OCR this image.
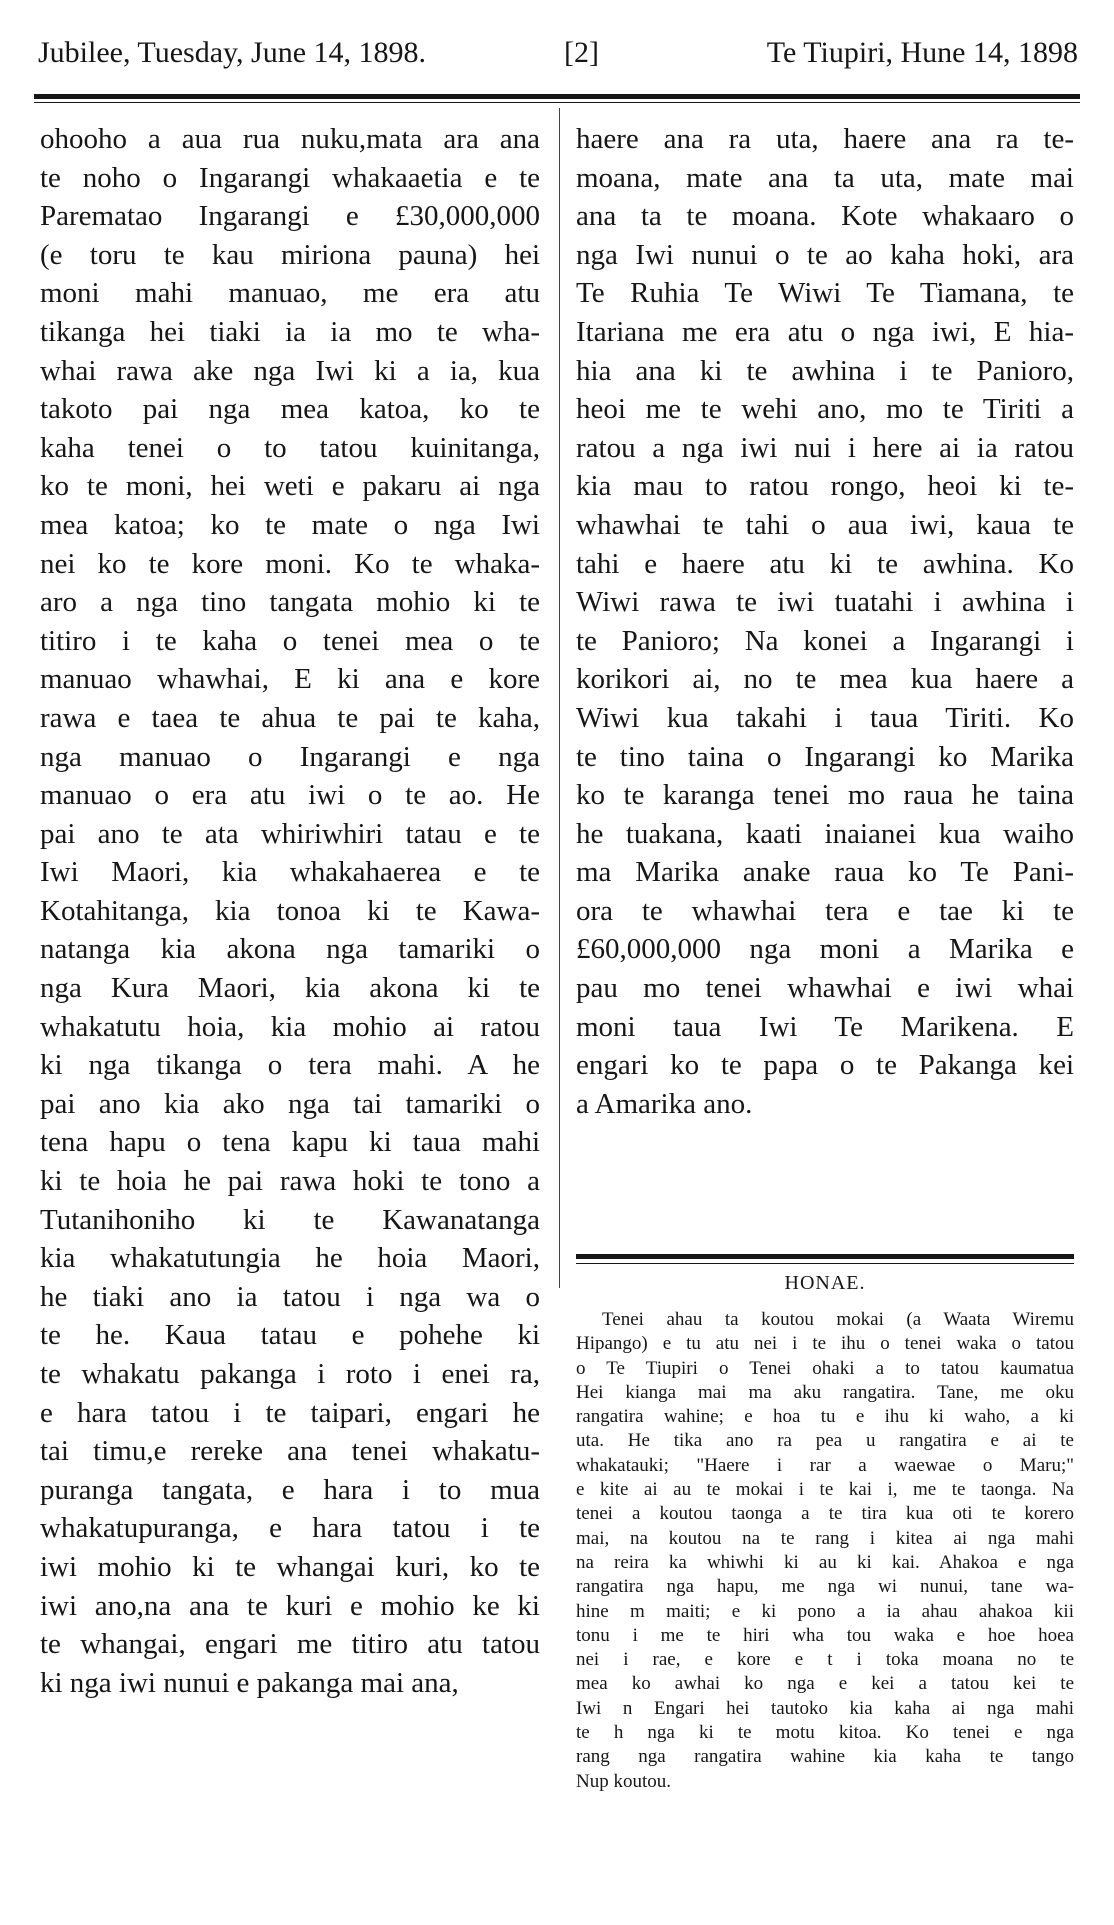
Jubilee, Tuesday, June 14, 1898.	[2]	Te Tiupiri, Hune 14, 1898

ohooho a aua rua nuku,mata ara ana
te noho o Ingarangi whakaaetia e te
Parematao Ingarangi e £30,000,000
(e toru te kau miriona pauna) hei
moni mahi manuao, me era atu
tikanga hei tiaki ia ia mo te wha-
whai rawa ake nga Iwi ki a ia, kua
takoto pai nga mea katoa, ko te
kaha tenei o to tatou kuinitanga,
ko te moni, hei weti e pakaru ai nga
mea katoa; ko te mate o nga Iwi
nei ko te kore moni. Ko te whaka-
aro a nga tino tangata mohio ki te
titiro i te kaha o tenei mea o te
manuao whawhai, E ki ana e kore
rawa e taea te ahua te pai te kaha,
nga manuao o Ingarangi e nga
manuao o era atu iwi o te ao. He
pai ano te ata whiriwhiri tatau e te
Iwi Maori, kia whakahaerea e te
Kotahitanga, kia tonoa ki te Kawa-
natanga kia akona nga tamariki o
nga Kura Maori, kia akona ki te
whakatutu hoia, kia mohio ai ratou
ki nga tikanga o tera mahi. A he
pai ano kia ako nga tai tamariki o
tena hapu o tena kapu ki taua mahi
ki te hoia he pai rawa hoki te tono a
Tutanihoniho ki te Kawanatanga
kia whakatutungia he hoia Maori,
he tiaki ano ia tatou i nga wa o
te he. Kaua tatau e pohehe ki
te whakatu pakanga i roto i enei ra,
e hara tatou i te taipari, engari he
tai timu,e rereke ana tenei whakatu-
puranga tangata, e hara i to mua
whakatupuranga, e hara tatou i te
iwi mohio ki te whangai kuri, ko te
iwi ano,na ana te kuri e mohio ke ki
te whangai, engari me titiro atu tatou
ki nga iwi nunui e pakanga mai ana,

haere ana ra uta, haere ana ra te-
moana, mate ana ta uta, mate mai
ana ta te moana. Kote whakaaro o
nga Iwi nunui o te ao kaha hoki, ara
Te Ruhia Te Wiwi Te Tiamana, te
Itariana me era atu o nga iwi, E hia-
hia ana ki te awhina i te Panioro,
heoi me te wehi ano, mo te Tiriti a
ratou a nga iwi nui i here ai ia ratou
kia mau to ratou rongo, heoi ki te-
whawhai te tahi o aua iwi, kaua te
tahi e haere atu ki te awhina. Ko
Wiwi rawa te iwi tuatahi i awhina i
te Panioro; Na konei a Ingarangi i
korikori ai, no te mea kua haere a
Wiwi kua takahi i taua Tiriti. Ko
te tino taina o Ingarangi ko Marika
ko te karanga tenei mo raua he taina
he tuakana, kaati inaianei kua waiho
ma Marika anake raua ko Te Pani-
ora te whawhai tera e tae ki te
£60,000,000 nga moni a Marika e
pau mo tenei whawhai e iwi whai
moni taua Iwi Te Marikena. E
engari ko te papa o te Pakanga kei
a Amarika ano.

HONAE.

Tenei ahau ta koutou mokai (a Waata Wiremu
Hipango) e tu atu nei i te ihu o tenei waka o tatou
o Te Tiupiri o Tenei ohaki a to tatou kaumatua
Hei kianga mai ma aku rangatira. Tane, me oku
rangatira wahine; e hoa tu e ihu ki waho, a ki
uta. He tika ano ra pea u rangatira e ai te
whakatauki; "Haere i rar a waewae o Maru;"
e kite ai au te mokai i te kai i, me te taonga. Na
tenei a koutou taonga a te tira kua oti te korero
mai, na koutou na te rang i kitea ai nga mahi
na reira ka whiwhi ki au ki kai. Ahakoa e nga
rangatira nga hapu, me nga wi nunui, tane wa-
hine m maiti; e ki pono a ia ahau ahakoa kii
tonu i me te hiri wha tou waka e hoe hoea
nei i rae, e kore e t i toka moana no te
mea ko awhai ko nga e kei a tatou kei te
Iwi n Engari hei tautoko kia kaha ai nga mahi
te h nga ki te motu kitoa. Ko tenei e nga
rang nga rangatira wahine kia kaha te tango
Nup koutou.
